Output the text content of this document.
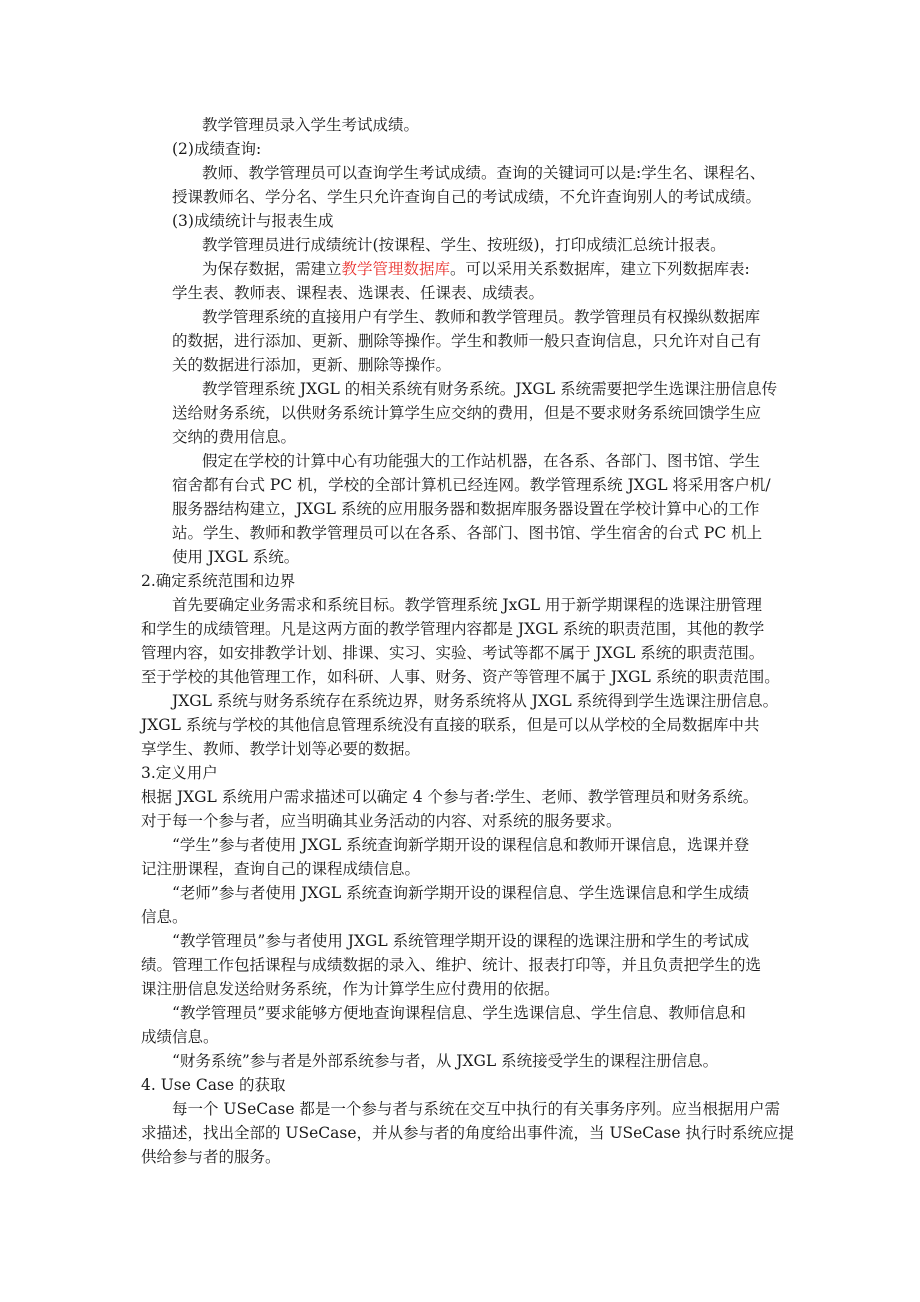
教学管理员录入学生考试成绩。
(2)成绩查询:
教师、教学管理员可以查询学生考试成绩。查询的关键词可以是:学生名、课程名、
授课教师名、学分名、学生只允许查询自己的考试成绩，不允许查询别人的考试成绩。
(3)成绩统计与报表生成
教学管理员进行成绩统计(按课程、学生、按班级)，打印成绩汇总统计报表。
为保存数据，需建立教学管理数据库。可以采用关系数据库，建立下列数据库表:
学生表、教师表、课程表、选课表、任课表、成绩表。
教学管理系统的直接用户有学生、教师和教学管理员。教学管理员有权操纵数据库
的数据，进行添加、更新、删除等操作。学生和教师一般只查询信息，只允许对自己有
关的数据进行添加，更新、删除等操作。
教学管理系统 JXGL 的相关系统有财务系统。JXGL 系统需要把学生选课注册信息传
送给财务系统，以供财务系统计算学生应交纳的费用，但是不要求财务系统回馈学生应
交纳的费用信息。
假定在学校的计算中心有功能强大的工作站机器，在各系、各部门、图书馆、学生
宿舍都有台式 PC 机，学校的全部计算机已经连网。教学管理系统 JXGL 将采用客户机/
服务器结构建立，JXGL 系统的应用服务器和数据库服务器设置在学校计算中心的工作
站。学生、教师和教学管理员可以在各系、各部门、图书馆、学生宿舍的台式 PC 机上
使用 JXGL 系统。
2.确定系统范围和边界
首先要确定业务需求和系统目标。教学管理系统 JxGL 用于新学期课程的选课注册管理
和学生的成绩管理。凡是这两方面的教学管理内容都是 JXGL 系统的职责范围，其他的教学
管理内容，如安排教学计划、排课、实习、实验、考试等都不属于 JXGL 系统的职责范围。
至于学校的其他管理工作，如科研、人事、财务、资产等管理不属于 JXGL 系统的职责范围。
JXGL 系统与财务系统存在系统边界，财务系统将从 JXGL 系统得到学生选课注册信息。
JXGL 系统与学校的其他信息管理系统没有直接的联系，但是可以从学校的全局数据库中共
享学生、教师、教学计划等必要的数据。
3.定义用户
根据 JXGL 系统用户需求描述可以确定 4 个参与者:学生、老师、教学管理员和财务系统。
对于每一个参与者，应当明确其业务活动的内容、对系统的服务要求。
“学生”参与者使用 JXGL 系统查询新学期开设的课程信息和教师开课信息，选课并登
记注册课程，查询自己的课程成绩信息。
“老师”参与者使用 JXGL 系统查询新学期开设的课程信息、学生选课信息和学生成绩
信息。
“教学管理员”参与者使用 JXGL 系统管理学期开设的课程的选课注册和学生的考试成
绩。管理工作包括课程与成绩数据的录入、维护、统计、报表打印等，并且负责把学生的选
课注册信息发送给财务系统，作为计算学生应付费用的依据。
“教学管理员”要求能够方便地查询课程信息、学生选课信息、学生信息、教师信息和
成绩信息。
“财务系统”参与者是外部系统参与者，从 JXGL 系统接受学生的课程注册信息。
4. Use Case 的获取
每一个 USeCase 都是一个参与者与系统在交互中执行的有关事务序列。应当根据用户需
求描述，找出全部的 USeCase，并从参与者的角度给出事件流，当 USeCase 执行时系统应提
供给参与者的服务。
